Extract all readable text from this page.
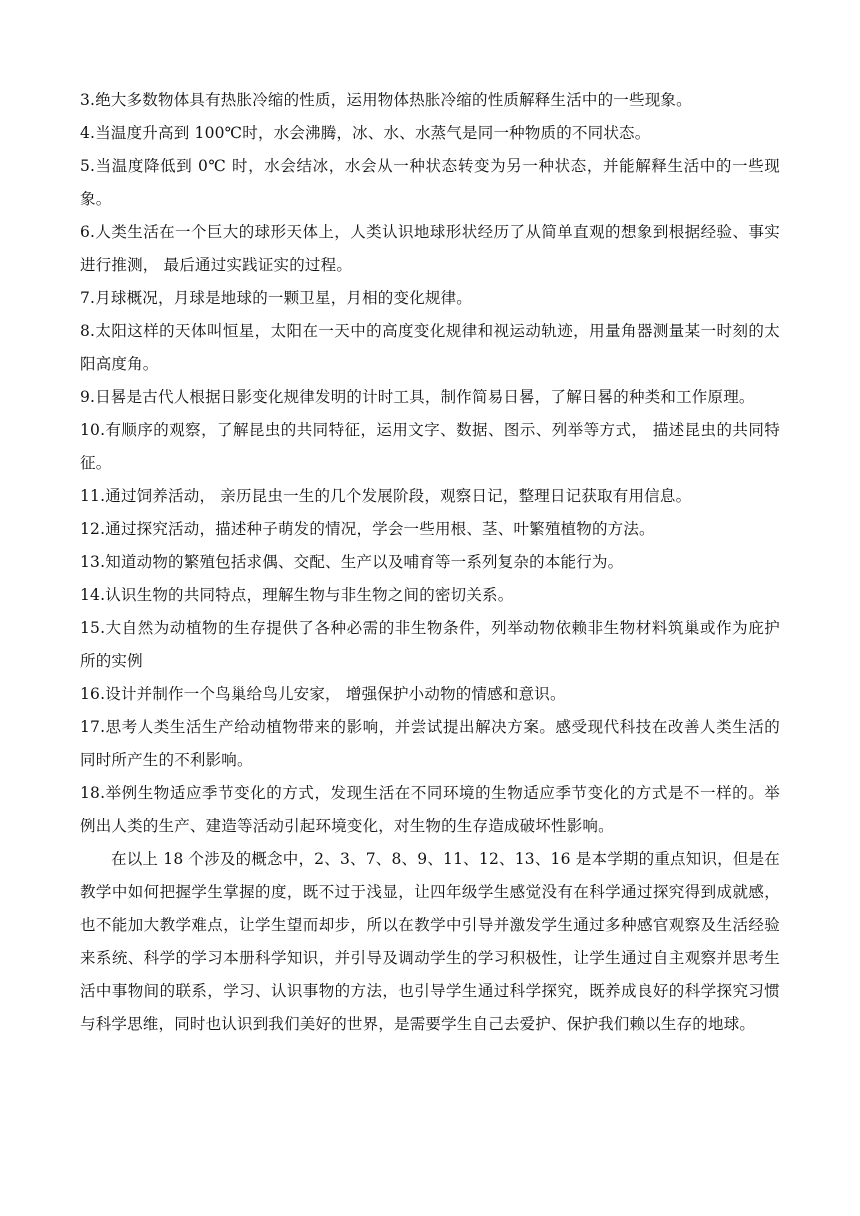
3.绝大多数物体具有热胀冷缩的性质，运用物体热胀冷缩的性质解释生活中的一些现象。

4.当温度升高到 100℃时，水会沸腾，冰、水、水蒸气是同一种物质的不同状态。

5.当温度降低到 0℃ 时，水会结冰，水会从一种状态转变为另一种状态，并能解释生活中的一些现象。

6.人类生活在一个巨大的球形天体上，人类认识地球形状经历了从简单直观的想象到根据经验、事实进行推测， 最后通过实践证实的过程。

7.月球概况，月球是地球的一颗卫星，月相的变化规律。

8.太阳这样的天体叫恒星，太阳在一天中的高度变化规律和视运动轨迹，用量角器测量某一时刻的太阳高度角。

9.日晷是古代人根据日影变化规律发明的计时工具，制作简易日晷，了解日晷的种类和工作原理。

10.有顺序的观察，了解昆虫的共同特征，运用文字、数据、图示、列举等方式， 描述昆虫的共同特征。

11.通过饲养活动， 亲历昆虫一生的几个发展阶段，观察日记，整理日记获取有用信息。

12.通过探究活动，描述种子萌发的情况，学会一些用根、茎、叶繁殖植物的方法。

13.知道动物的繁殖包括求偶、交配、生产以及哺育等一系列复杂的本能行为。

14.认识生物的共同特点，理解生物与非生物之间的密切关系。

15.大自然为动植物的生存提供了各种必需的非生物条件，列举动物依赖非生物材料筑巢或作为庇护所的实例

16.设计并制作一个鸟巢给鸟儿安家， 增强保护小动物的情感和意识。

17.思考人类生活生产给动植物带来的影响，并尝试提出解决方案。感受现代科技在改善人类生活的同时所产生的不利影响。

18.举例生物适应季节变化的方式，发现生活在不同环境的生物适应季节变化的方式是不一样的。举例出人类的生产、建造等活动引起环境变化，对生物的生存造成破坏性影响。

在以上 18 个涉及的概念中，2、3、7、8、9、11、12、13、16 是本学期的重点知识，但是在教学中如何把握学生掌握的度，既不过于浅显，让四年级学生感觉没有在科学通过探究得到成就感，也不能加大教学难点，让学生望而却步，所以在教学中引导并激发学生通过多种感官观察及生活经验来系统、科学的学习本册科学知识，并引导及调动学生的学习积极性，让学生通过自主观察并思考生活中事物间的联系，学习、认识事物的方法，也引导学生通过科学探究，既养成良好的科学探究习惯与科学思维，同时也认识到我们美好的世界，是需要学生自己去爱护、保护我们赖以生存的地球。
